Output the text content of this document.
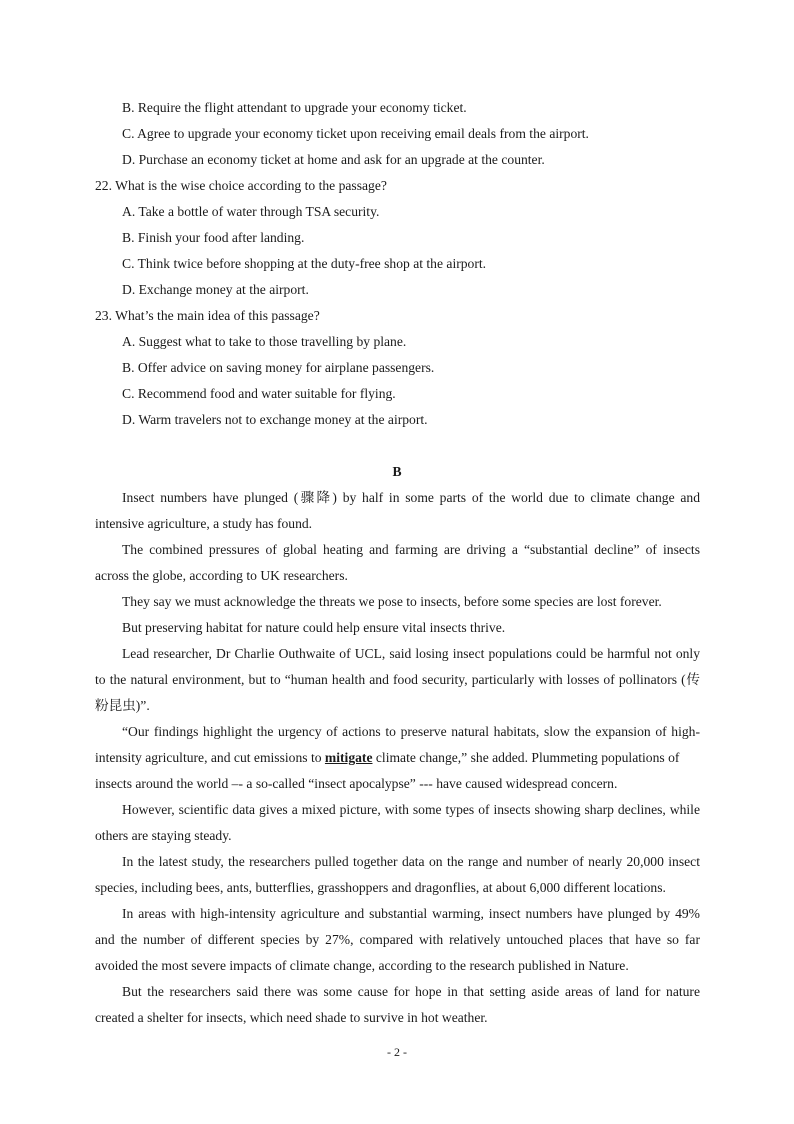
B. Require the flight attendant to upgrade your economy ticket.
C. Agree to upgrade your economy ticket upon receiving email deals from the airport.
D. Purchase an economy ticket at home and ask for an upgrade at the counter.
22. What is the wise choice according to the passage?
A. Take a bottle of water through TSA security.
B. Finish your food after landing.
C. Think twice before shopping at the duty-free shop at the airport.
D. Exchange money at the airport.
23. What’s the main idea of this passage?
A. Suggest what to take to those travelling by plane.
B. Offer advice on saving money for airplane passengers.
C. Recommend food and water suitable for flying.
D. Warm travelers not to exchange money at the airport.
B
Insect numbers have plunged (骤降) by half in some parts of the world due to climate change and
intensive agriculture, a study has found.
The combined pressures of global heating and farming are driving a “substantial decline” of insects
across the globe, according to UK researchers.
They say we must acknowledge the threats we pose to insects, before some species are lost forever.
But preserving habitat for nature could help ensure vital insects thrive.
Lead researcher, Dr Charlie Outhwaite of UCL, said losing insect populations could be harmful not only
to the natural environment, but to “human health and food security, particularly with losses of pollinators (传
粉昆虫)”.
“Our findings highlight the urgency of actions to preserve natural habitats, slow the expansion of high-
intensity agriculture, and cut emissions to mitigate climate change,” she added. Plummeting populations of
insects around the world –- a so-called “insect apocalypse” --- have caused widespread concern.
However, scientific data gives a mixed picture, with some types of insects showing sharp declines, while
others are staying steady.
In the latest study, the researchers pulled together data on the range and number of nearly 20,000 insect
species, including bees, ants, butterflies, grasshoppers and dragonflies, at about 6,000 different locations.
In areas with high-intensity agriculture and substantial warming, insect numbers have plunged by 49%
and the number of different species by 27%, compared with relatively untouched places that have so far
avoided the most severe impacts of climate change, according to the research published in Nature.
But the researchers said there was some cause for hope in that setting aside areas of land for nature
created a shelter for insects, which need shade to survive in hot weather.
- 2 -
